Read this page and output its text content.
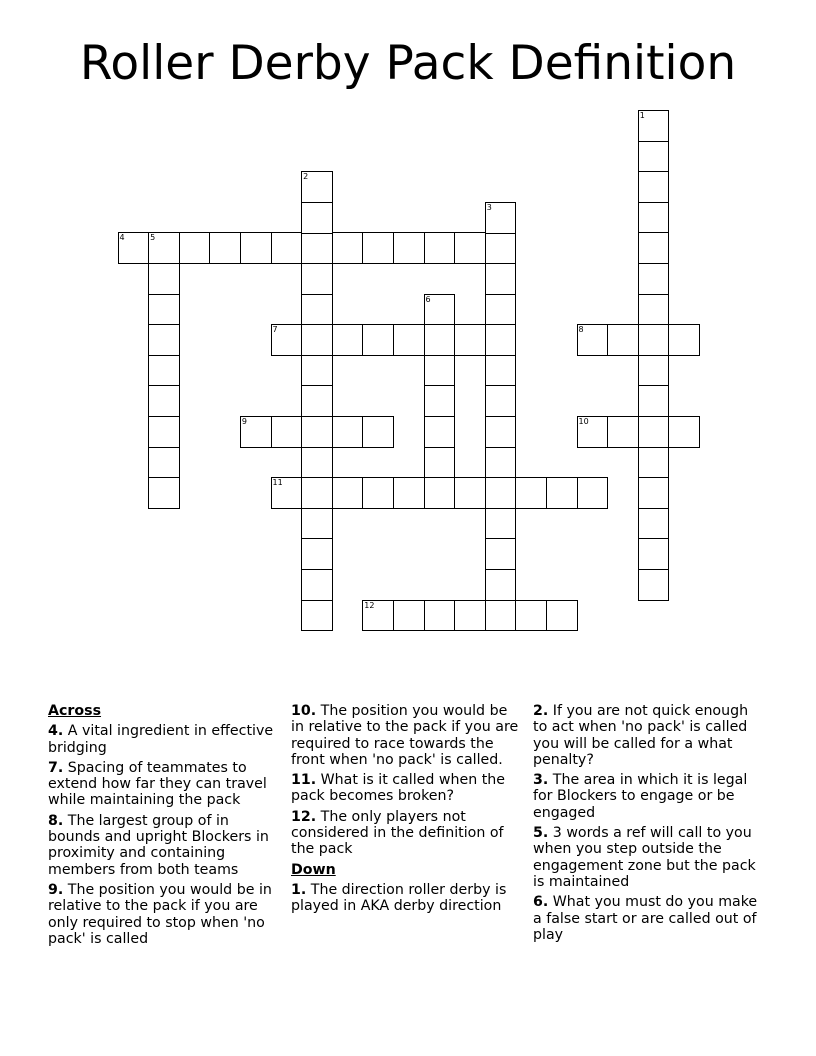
Roller Derby Pack Definition
4	5
7	8
9	10
11
12
1
2
3
6
Across
4. A vital ingredient in effective bridging
7. Spacing of teammates to extend how far they can travel while maintaining the pack
8. The largest group of in bounds and upright Blockers in proximity and containing members from both teams
9. The position you would be in relative to the pack if you are only required to stop when 'no pack' is called
10. The position you would be in relative to the pack if you are required to race towards the front when 'no pack' is called.
11. What is it called when the pack becomes broken?
12. The only players not considered in the definition of the pack
Down
1. The direction roller derby is played in AKA derby direction
2. If you are not quick enough to act when 'no pack' is called you will be called for a what penalty?
3. The area in which it is legal for Blockers to engage or be engaged
5. 3 words a ref will call to you when you step outside the engagement zone but the pack is maintained
6. What you must do you make a false start or are called out of play
